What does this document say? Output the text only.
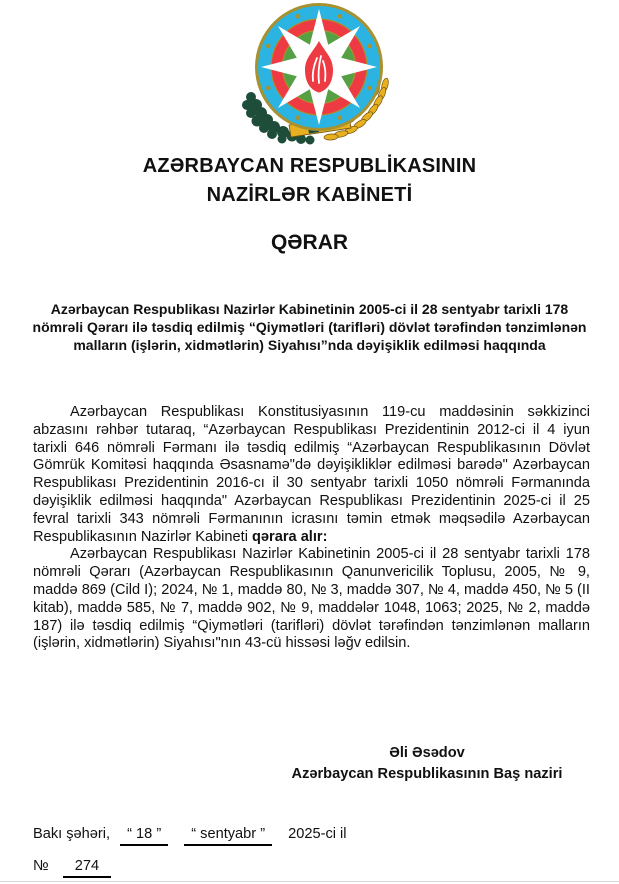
AZƏRBAYCAN RESPUBLİKASININ
NAZİRLƏR KABİNETİ
QƏRAR
Azərbaycan Respublikası Nazirlər Kabinetinin 2005-ci il 28 sentyabr tarixli 178 nömrəli Qərarı ilə təsdiq edilmiş “Qiymətləri (tarifləri) dövlət tərəfindən tənzimlənən malların (işlərin, xidmətlərin) Siyahısı”nda dəyişiklik edilməsi haqqında

Azərbaycan Respublikası Konstitusiyasının 119-cu maddəsinin səkkizinci abzasını rəhbər tutaraq, “Azərbaycan Respublikası Prezidentinin 2012-ci il 4 iyun tarixli 646 nömrəli Fərmanı ilə təsdiq edilmiş “Azərbaycan Respublikasının Dövlət Gömrük Komitəsi haqqında Əsasnamə"də dəyişikliklər edilməsi barədə" Azərbaycan Respublikası Prezidentinin 2016-cı il 30 sentyabr tarixli 1050 nömrəli Fərmanında dəyişiklik edilməsi haqqında" Azərbaycan Respublikası Prezidentinin 2025-ci il 25 fevral tarixli 343 nömrəli Fərmanının icrasını təmin etmək məqsədilə Azərbaycan Respublikasının Nazirlər Kabineti qərara alır:

Azərbaycan Respublikası Nazirlər Kabinetinin 2005-ci il 28 sentyabr tarixli 178 nömrəli Qərarı (Azərbaycan Respublikasının Qanunvericilik Toplusu, 2005, № 9, maddə 869 (Cild I); 2024, № 1, maddə 80, № 3, maddə 307, № 4, maddə 450, № 5 (II kitab), maddə 585, № 7, maddə 902, № 9, maddələr 1048, 1063; 2025, № 2, maddə 187) ilə təsdiq edilmiş “Qiymətləri (tarifləri) dövlət tərəfindən tənzimlənən malların (işlərin, xidmətlərin) Siyahısı"nın 43-cü hissəsi ləğv edilsin.

Əli Əsədov
Azərbaycan Respublikasının Baş naziri
Bakı şəhəri, “ 18 ” “ sentyabr ” 2025-ci il
№ 274
